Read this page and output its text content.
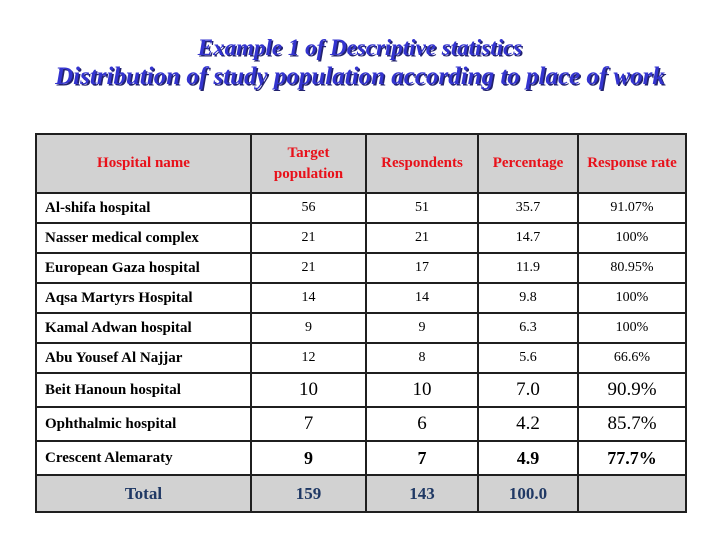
Example 1 of Descriptive statistics
Distribution of study population according to place of work
Hospital name	Target population	Respondents	Percentage	Response rate
Al-shifa hospital	56	51	35.7	91.07%
Nasser medical complex	21	21	14.7	100%
European Gaza hospital	21	17	11.9	80.95%
Aqsa Martyrs Hospital	14	14	9.8	100%
Kamal Adwan hospital	9	9	6.3	100%
Abu Yousef Al Najjar	12	8	5.6	66.6%
Beit Hanoun hospital	10	10	7.0	90.9%
Ophthalmic hospital	7	6	4.2	85.7%
Crescent Alemaraty	9	7	4.9	77.7%
Total	159	143	100.0	
